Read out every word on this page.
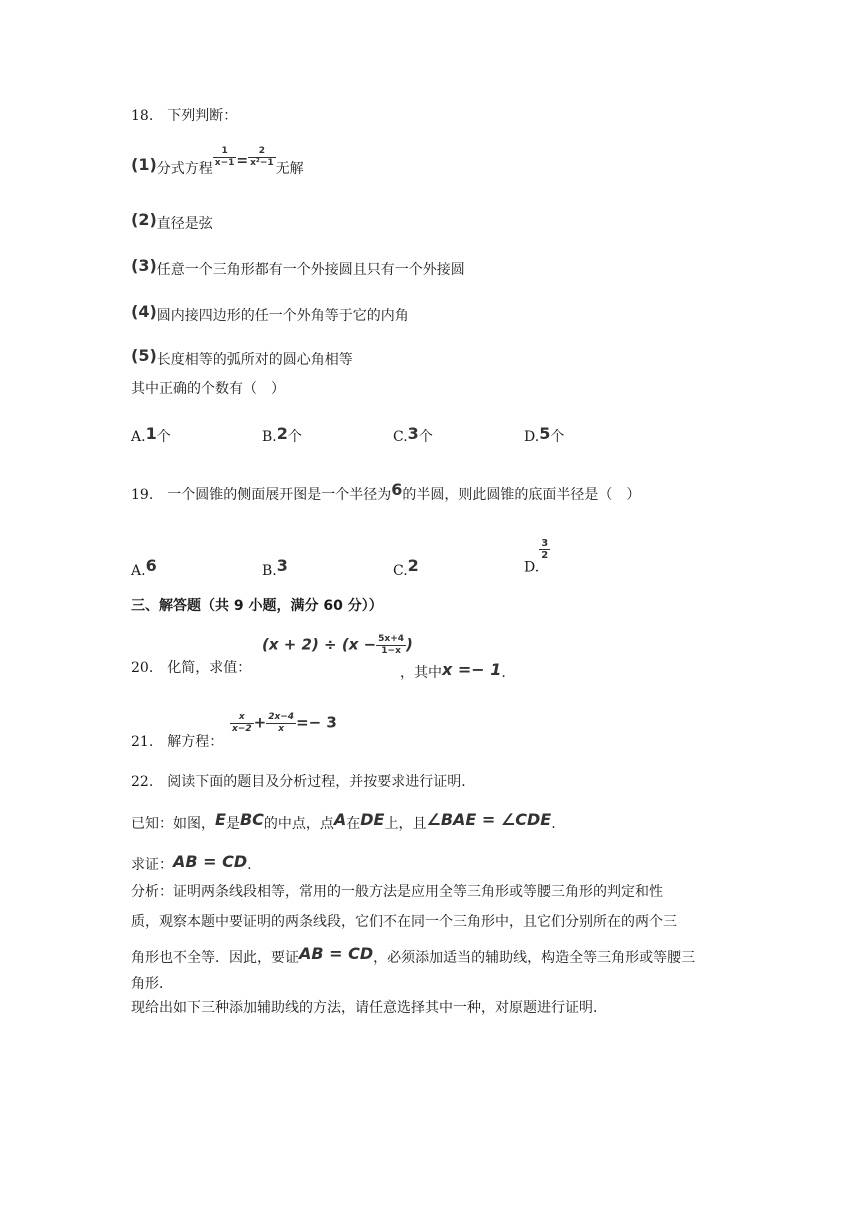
18.　下列判断：
(1)分式方程 $\frac{1}{x-1} = \frac{2}{\text{x²−1}}$ 无解
(2)直径是弦
(3)任意一个三角形都有一个外接圆且只有一个外接圆
(4)圆内接四边形的任一个外角等于它的内角
(5)长度相等的弧所对的圆心角相等
其中正确的个数有（　）
A.1个	B.2个	C.3个	D.5个
19.　一个圆锥的侧面展开图是一个半径为6的半圆，则此圆锥的底面半径是（　）
A.6	B.3	C.2	D.
$\frac{3}{2}$
三、解答题（共 9 小题，满分 60 分））
20.　化简，求值：
$(x + 2) \div (x - \frac{5x+4}{1-x}$ )
，其中x =− 1.
21.　解方程：
$\frac{x}{x-2} + \frac{2x-4}{x} =- 3$
22.　阅读下面的题目及分析过程，并按要求进行证明．
已知：如图，E是BC的中点，点A在DE上，且∠BAE = ∠CDE.
求证：AB = CD.
分析：证明两条线段相等，常用的一般方法是应用全等三角形或等腰三角形的判定和性
质，观察本题中要证明的两条线段，它们不在同一个三角形中，且它们分别所在的两个三
角形也不全等．因此，要证AB = CD，必须添加适当的辅助线，构造全等三角形或等腰三
角形．
现给出如下三种添加辅助线的方法，请任意选择其中一种，对原题进行证明．
